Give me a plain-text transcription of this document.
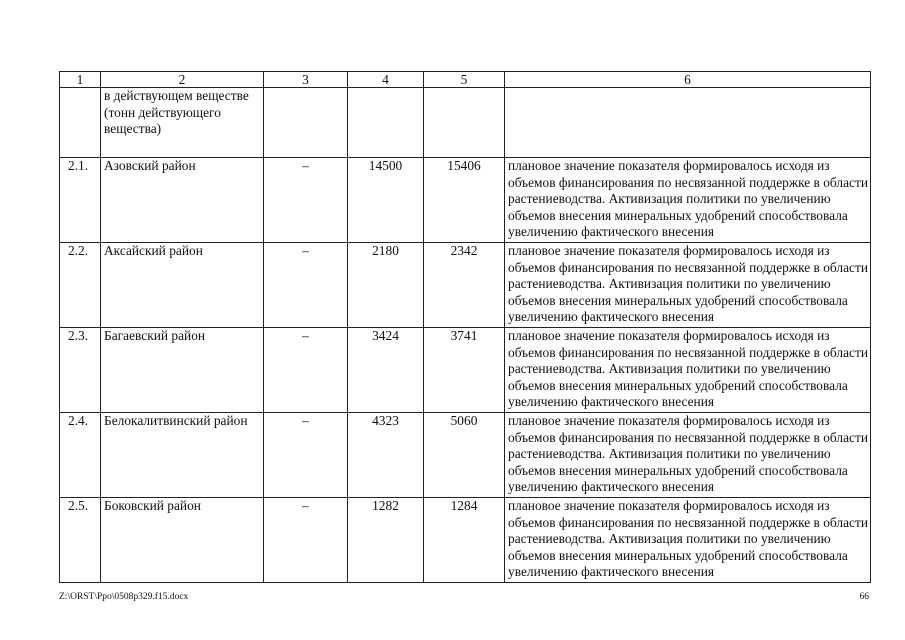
1	2	3	4	5	6
	в действующем веществе (тонн действующего вещества)				
2.1.	Азовский район	–	14500	15406	плановое значение показателя формировалось исходя из объемов финансирования по несвязанной поддержке в области растениеводства. Активизация политики по увеличению объемов внесения минеральных удобрений способствовала увеличению фактического внесения
2.2.	Аксайский район	–	2180	2342	плановое значение показателя формировалось исходя из объемов финансирования по несвязанной поддержке в области растениеводства. Активизация политики по увеличению объемов внесения минеральных удобрений способствовала увеличению фактического внесения
2.3.	Багаевский район	–	3424	3741	плановое значение показателя формировалось исходя из объемов финансирования по несвязанной поддержке в области растениеводства. Активизация политики по увеличению объемов внесения минеральных удобрений способствовала увеличению фактического внесения
2.4.	Белокалитвинский район	–	4323	5060	плановое значение показателя формировалось исходя из объемов финансирования по несвязанной поддержке в области растениеводства. Активизация политики по увеличению объемов внесения минеральных удобрений способствовала увеличению фактического внесения
2.5.	Боковский район	–	1282	1284	плановое значение показателя формировалось исходя из объемов финансирования по несвязанной поддержке в области растениеводства. Активизация политики по увеличению объемов внесения минеральных удобрений способствовала увеличению фактического внесения
Z:\ORST\Ppo\0508p329.f15.docx	66
